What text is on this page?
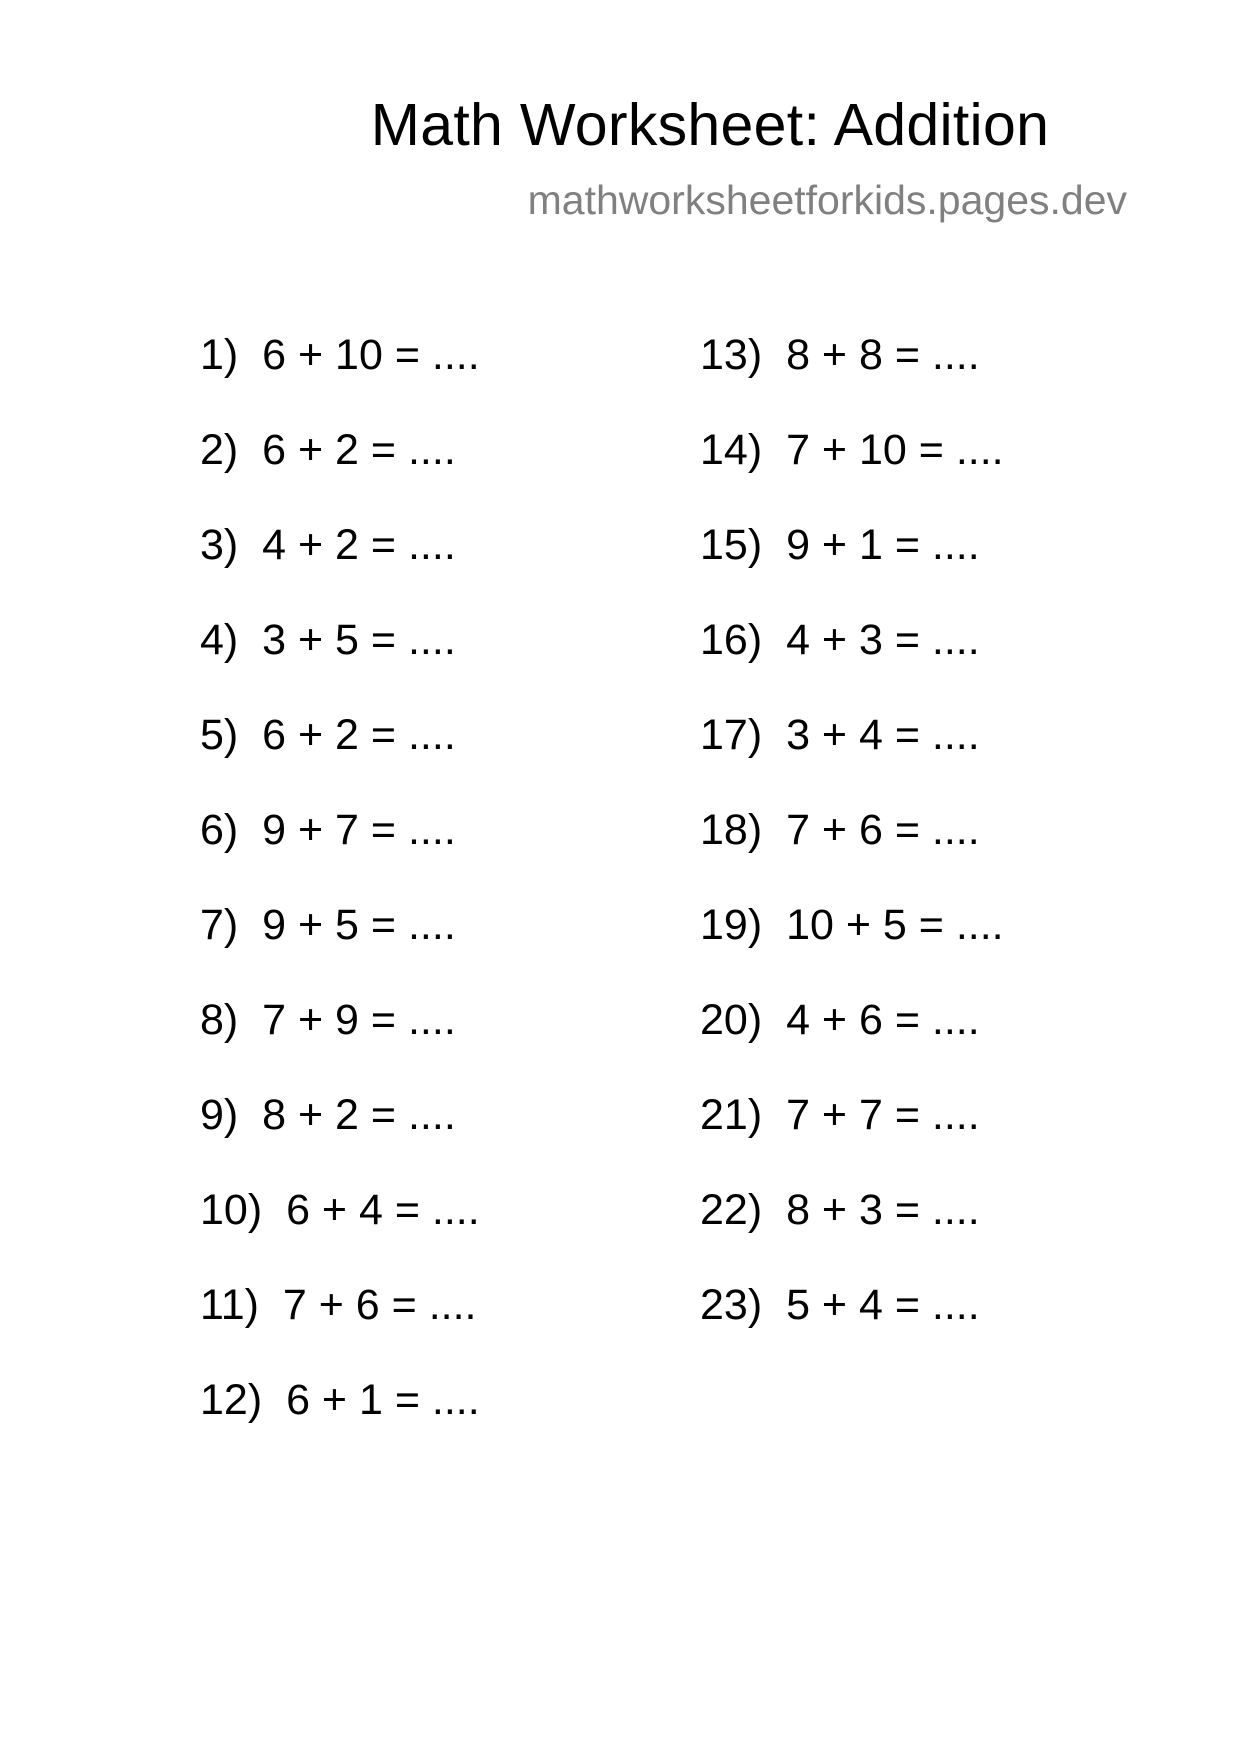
Math Worksheet: Addition
mathworksheetforkids.pages.dev
1) 6 + 10 = ....
2) 6 + 2 = ....
3) 4 + 2 = ....
4) 3 + 5 = ....
5) 6 + 2 = ....
6) 9 + 7 = ....
7) 9 + 5 = ....
8) 7 + 9 = ....
9) 8 + 2 = ....
10) 6 + 4 = ....
11) 7 + 6 = ....
12) 6 + 1 = ....
13) 8 + 8 = ....
14) 7 + 10 = ....
15) 9 + 1 = ....
16) 4 + 3 = ....
17) 3 + 4 = ....
18) 7 + 6 = ....
19) 10 + 5 = ....
20) 4 + 6 = ....
21) 7 + 7 = ....
22) 8 + 3 = ....
23) 5 + 4 = ....
